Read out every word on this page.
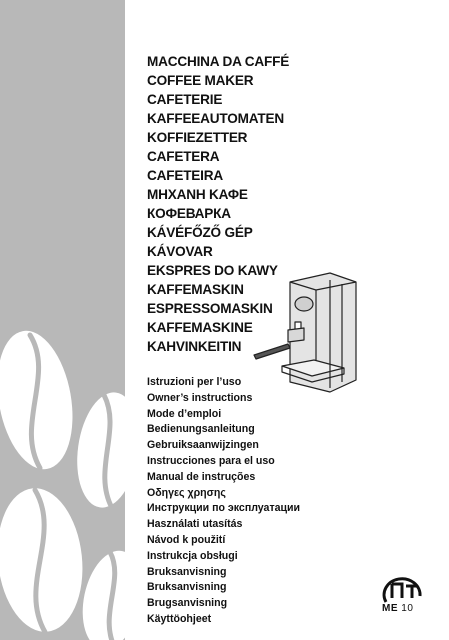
MACCHINA DA CAFFÉ
COFFEE MAKER
CAFETERIE
KAFFEEAUTOMATEN
KOFFIEZETTER
CAFETERA
CAFETEIRA
ΜΗΧΑΝΗ ΚΑΦΕ
КОФЕВАРКА
KÁVÉFŐZŐ GÉP
KÁVOVAR
EKSPRES DO KAWY
KAFFEMASKIN
ESPRESSOMASKIN
KAFFEMASKINE
KAHVINKEITIN
Istruzioni per l’uso
Owner’s instructions
Mode d’emploi
Bedienungsanleitung
Gebruiksaanwijzingen
Instrucciones para el uso
Manual de instruções
Οδηγες χρησης
Инструкции по эксплуатации
Használati utasítás
Návod k použití
Instrukcja obsługi
Bruksanvisning
Bruksanvisning
Brugsanvisning
Käyttöohjeet
ME 10
